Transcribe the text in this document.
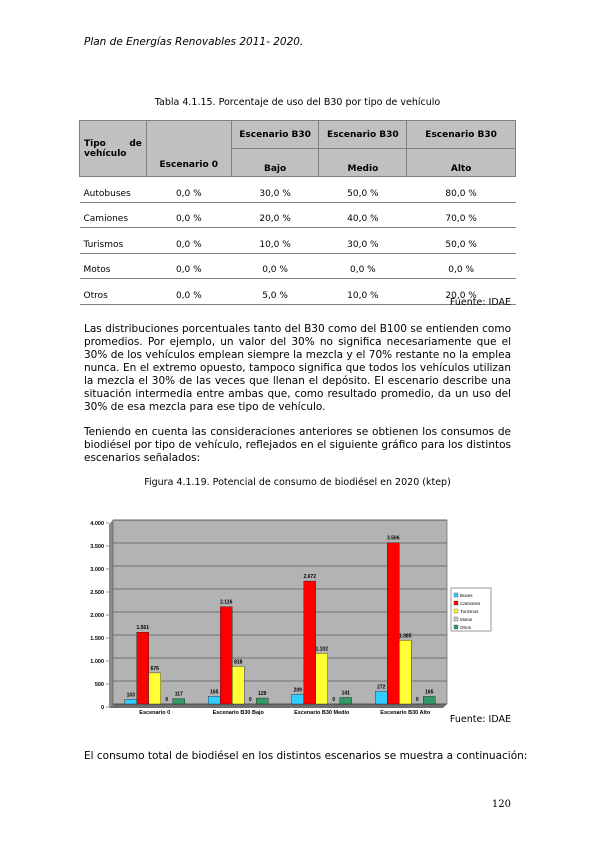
Plan de Energías Renovables 2011- 2020.
Tabla 4.1.15. Porcentaje de uso del B30 por tipo de vehículo
Tipo de
vehículo	Escenario 0	Escenario B30	Escenario B30	Escenario B30
		Bajo	Medio	Alto
Autobuses	0,0 %	30,0 %	50,0 %	80,0 %
Camiones	0,0 %	20,0 %	40,0 %	70,0 %
Turismos	0,0 %	10,0 %	30,0 %	50,0 %
Motos	0,0 %	0,0 %	0,0 %	0,0 %
Otros	0,0 %	5,0 %	10,0 %	20,0 %
Fuente: IDAE

Las distribuciones porcentuales tanto del B30 como del B100 se entienden como promedios. Por ejemplo, un valor del 30% no significa necesariamente que el 30% de los vehículos emplean siempre la mezcla y el 70% restante no la emplea nunca. En el extremo opuesto, tampoco significa que todos los vehículos utilizan la mezcla el 30% de las veces que llenan el depósito. El escenario describe una situación intermedia entre ambas que, como resultado promedio, da un uso del 30% de esa mezcla para ese tipo de vehículo.

Teniendo en cuenta las consideraciones anteriores se obtienen los consumos de biodiésel por tipo de vehículo, reflejados en el siguiente gráfico para los distintos escenarios señalados:

Figura 4.1.19. Potencial de consumo de biodiésel en 2020 (ktep)
0
500
1.000
1.500
2.000
2.500
3.000
3.500
4.000
103	165	209	272
1.561
2.116
2.672
3.506
676
818
1.102
1.385
0	0	0	0
117	129	141	165
Escenario 0	Escenario B30 Bajo	Escenario B30 Medio	Escenario B30 Alto
Buses
Camiones
Turismos
Motos
Otros
Fuente: IDAE

El consumo total de biodiésel en los distintos escenarios se muestra a continuación:

120
